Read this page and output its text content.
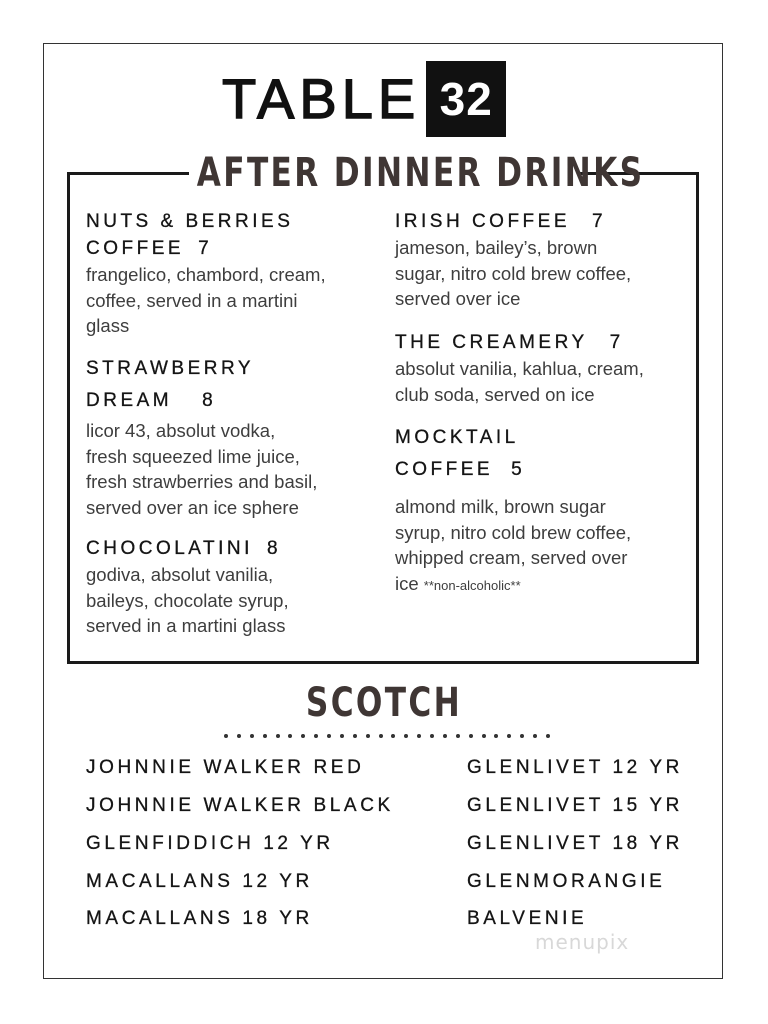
TABLE 32
AFTER DINNER DRINKS

NUTS & BERRIES

COFFEE 7

frangelico, chambord, cream,
coffee, served in a martini
glass

STRAWBERRY

DREAM 8

licor 43, absolut vodka,
fresh squeezed lime juice,
fresh strawberries and basil,
served over an ice sphere

CHOCOLATINI 8

godiva, absolut vanilia,
baileys, chocolate syrup,
served in a martini glass

IRISH COFFEE 7

jameson, bailey’s, brown
sugar, nitro cold brew coffee,
served over ice

THE CREAMERY 7

absolut vanilia, kahlua, cream,
club soda, served on ice

MOCKTAIL

COFFEE 5

almond milk, brown sugar
syrup, nitro cold brew coffee,
whipped cream, served over
ice **non-alcoholic**

SCOTCH
JOHNNIE WALKER RED
JOHNNIE WALKER BLACK
GLENFIDDICH 12 YR
MACALLANS 12 YR
MACALLANS 18 YR
GLENLIVET 12 YR
GLENLIVET 15 YR
GLENLIVET 18 YR
GLENMORANGIE
BALVENIE
menupix
